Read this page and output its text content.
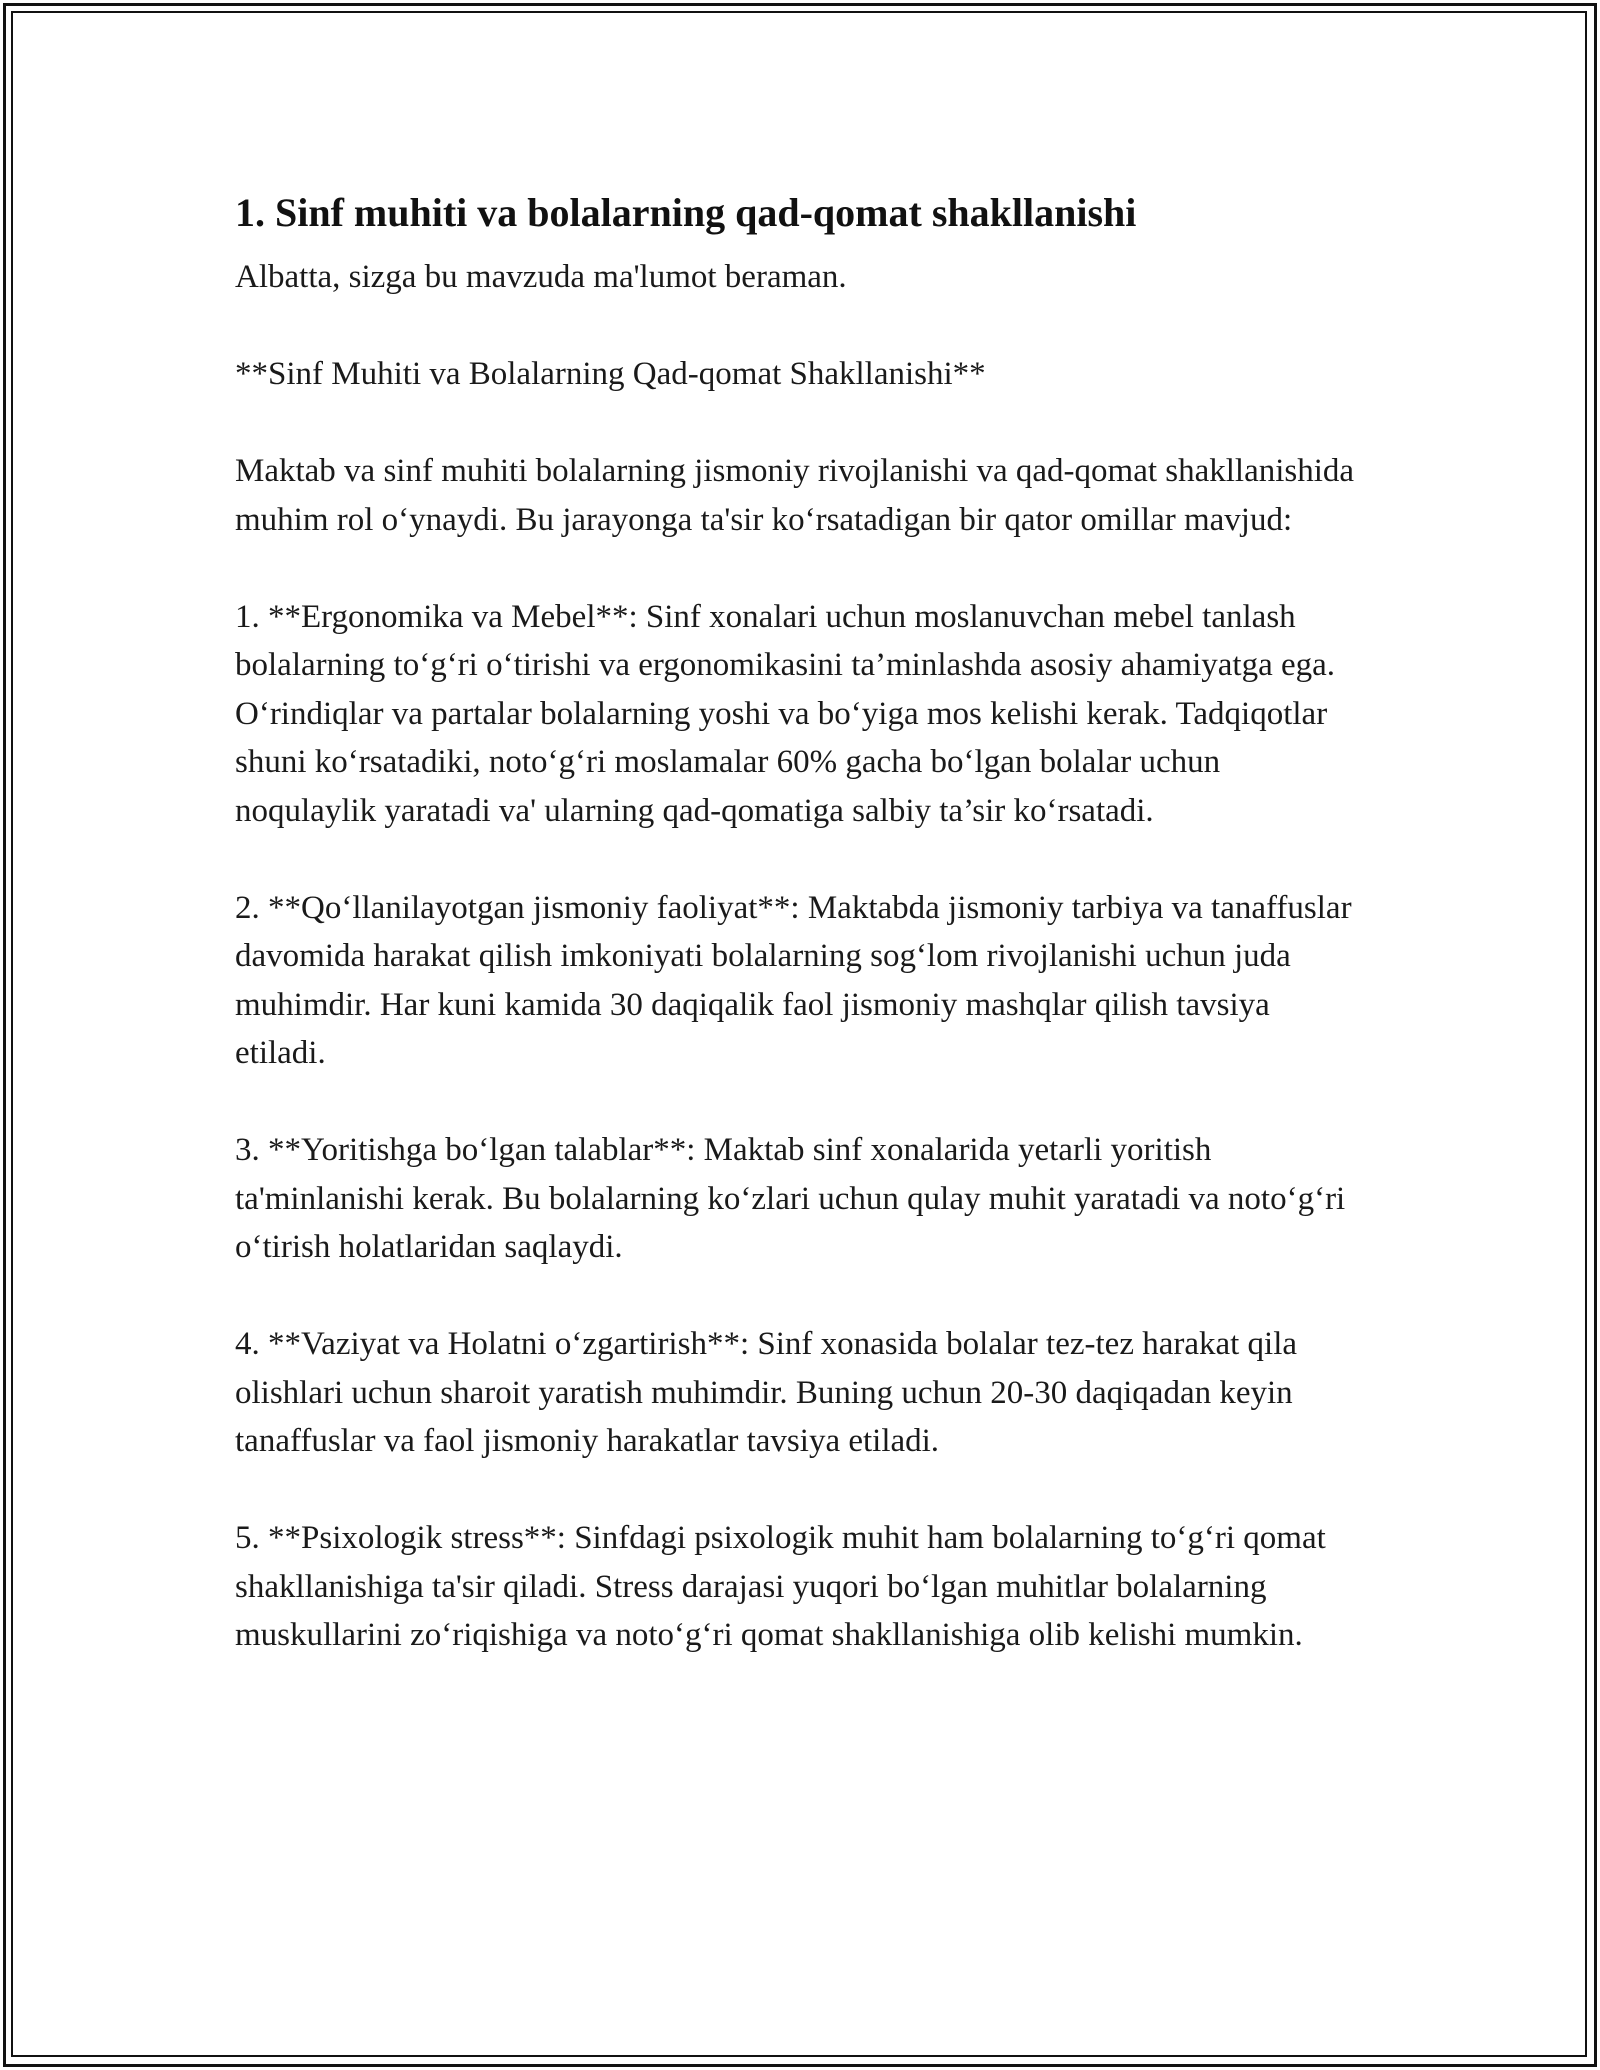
1. Sinf muhiti va bolalarning qad-qomat shakllanishi

Albatta, sizga bu mavzuda ma'lumot beraman.

**Sinf Muhiti va Bolalarning Qad-qomat Shakllanishi**

Maktab va sinf muhiti bolalarning jismoniy rivojlanishi va qad-qomat shakllanishida muhim rol o‘ynaydi. Bu jarayonga ta'sir ko‘rsatadigan bir qator omillar mavjud:

1. **Ergonomika va Mebel**: Sinf xonalari uchun moslanuvchan mebel tanlash bolalarning to‘g‘ri o‘tirishi va ergonomikasini ta’minlashda asosiy ahamiyatga ega. O‘rindiqlar va partalar bolalarning yoshi va bo‘yiga mos kelishi kerak. Tadqiqotlar shuni ko‘rsatadiki, noto‘g‘ri moslamalar 60% gacha bo‘lgan bolalar uchun noqulaylik yaratadi va' ularning qad-qomatiga salbiy ta’sir ko‘rsatadi.

2. **Qo‘llanilayotgan jismoniy faoliyat**: Maktabda jismoniy tarbiya va tanaffuslar davomida harakat qilish imkoniyati bolalarning sog‘lom rivojlanishi uchun juda muhimdir. Har kuni kamida 30 daqiqalik faol jismoniy mashqlar qilish tavsiya etiladi.

3. **Yoritishga bo‘lgan talablar**: Maktab sinf xonalarida yetarli yoritish ta'minlanishi kerak. Bu bolalarning ko‘zlari uchun qulay muhit yaratadi va noto‘g‘ri o‘tirish holatlaridan saqlaydi.

4. **Vaziyat va Holatni o‘zgartirish**: Sinf xonasida bolalar tez-tez harakat qila olishlari uchun sharoit yaratish muhimdir. Buning uchun 20-30 daqiqadan keyin tanaffuslar va faol jismoniy harakatlar tavsiya etiladi.

5. **Psixologik stress**: Sinfdagi psixologik muhit ham bolalarning to‘g‘ri qomat shakllanishiga ta'sir qiladi. Stress darajasi yuqori bo‘lgan muhitlar bolalarning muskullarini zo‘riqishiga va noto‘g‘ri qomat shakllanishiga olib kelishi mumkin.
